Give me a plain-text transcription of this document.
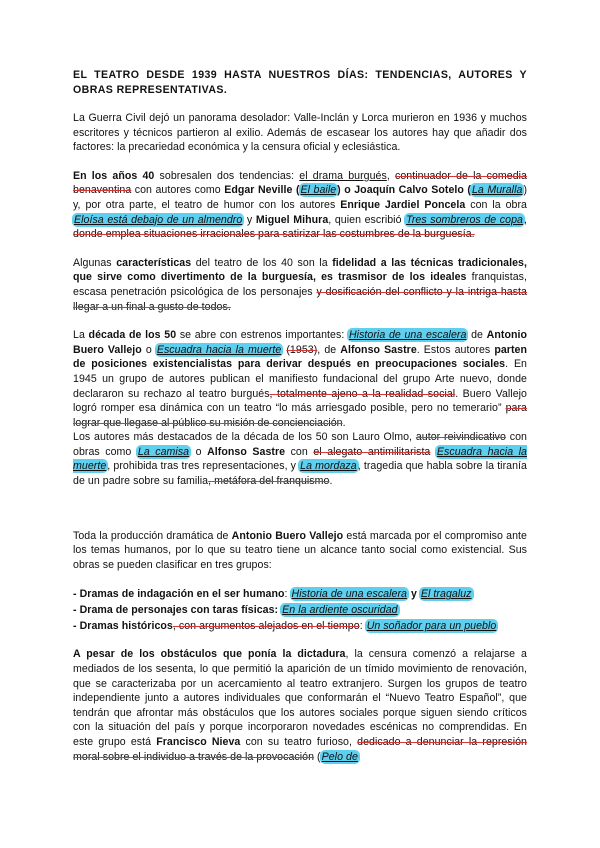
EL TEATRO DESDE 1939 HASTA NUESTROS DÍAS: TENDENCIAS, AUTORES Y OBRAS REPRESENTATIVAS.

La Guerra Civil dejó un panorama desolador: Valle-Inclán y Lorca murieron en 1936 y muchos escritores y técnicos partieron al exilio. Además de escasear los autores hay que añadir dos factores: la precariedad económica y la censura oficial y eclesiástica.

En los años 40 sobresalen dos tendencias: el drama burgués, continuador de la comedia benaventina con autores como Edgar Neville (El baile) o Joaquín Calvo Sotelo (La Muralla) y, por otra parte, el teatro de humor con los autores Enrique Jardiel Poncela con la obra Eloísa está debajo de un almendro y Miguel Mihura, quien escribió Tres sombreros de copa, donde emplea situaciones irracionales para satirizar las costumbres de la burguesía.

Algunas características del teatro de los 40 son la fidelidad a las técnicas tradicionales, que sirve como divertimento de la burguesía, es trasmisor de los ideales franquistas, escasa penetración psicológica de los personajes y dosificación del conflicto y la intriga hasta llegar a un final a gusto de todos.

La década de los 50 se abre con estrenos importantes: Historia de una escalera de Antonio Buero Vallejo o Escuadra hacia la muerte (1953), de Alfonso Sastre. Estos autores parten de posiciones existencialistas para derivar después en preocupaciones sociales. En 1945 un grupo de autores publican el manifiesto fundacional del grupo Arte nuevo, donde declararon su rechazo al teatro burgués, totalmente ajeno a la realidad social. Buero Vallejo logró romper esa dinámica con un teatro “lo más arriesgado posible, pero no temerario” para lograr que llegase al público su misión de concienciación.

Los autores más destacados de la década de los 50 son Lauro Olmo, autor reivindicativo con obras como La camisa o Alfonso Sastre con el alegato antimilitarista Escuadra hacia la muerte, prohibida tras tres representaciones, y La mordaza, tragedia que habla sobre la tiranía de un padre sobre su familia, metáfora del franquismo.

Toda la producción dramática de Antonio Buero Vallejo está marcada por el compromiso ante los temas humanos, por lo que su teatro tiene un alcance tanto social como existencial. Sus obras se pueden clasificar en tres grupos:

- Dramas de indagación en el ser humano: Historia de una escalera y El tragaluz
- Drama de personajes con taras físicas: En la ardiente oscuridad
- Dramas históricos, con argumentos alejados en el tiempo: Un soñador para un pueblo

A pesar de los obstáculos que ponía la dictadura, la censura comenzó a relajarse a mediados de los sesenta, lo que permitió la aparición de un tímido movimiento de renovación, que se caracterizaba por un acercamiento al teatro extranjero. Surgen los grupos de teatro independiente junto a autores individuales que conformarán el “Nuevo Teatro Español”, que tendrán que afrontar más obstáculos que los autores sociales porque siguen siendo críticos con la situación del país y porque incorporaron novedades escénicas no comprendidas. En este grupo está Francisco Nieva con su teatro furioso, dedicado a denunciar la represión moral sobre el individuo a través de la provocación (Pelo de
